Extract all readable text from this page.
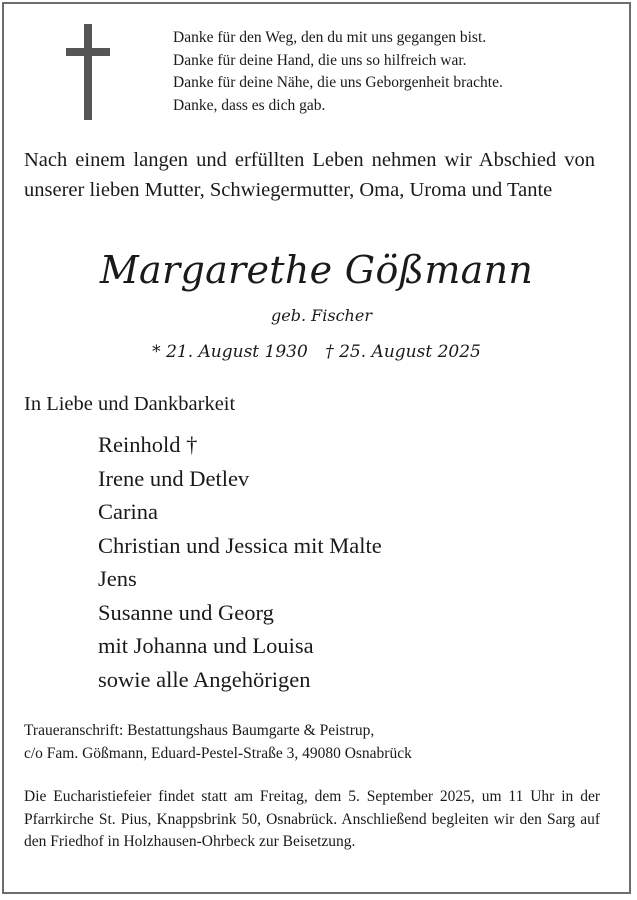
Danke für den Weg, den du mit uns gegangen bist.
Danke für deine Hand, die uns so hilfreich war.
Danke für deine Nähe, die uns Geborgenheit brachte.
Danke, dass es dich gab.
Nach einem langen und erfüllten Leben nehmen wir Abschied von unserer lieben Mutter, Schwiegermutter, Oma, Uroma und Tante
Margarethe Gößmann
geb. Fischer
* 21. August 1930 † 25. August 2025
In Liebe und Dankbarkeit
Reinhold †
Irene und Detlev
Carina
Christian und Jessica mit Malte
Jens
Susanne und Georg
mit Johanna und Louisa
sowie alle Angehörigen
Traueranschrift: Bestattungshaus Baumgarte & Peistrup,
c/o Fam. Gößmann, Eduard-Pestel-Straße 3, 49080 Osnabrück
Die Eucharistiefeier findet statt am Freitag, dem 5. September 2025, um 11 Uhr in der Pfarrkirche St. Pius, Knappsbrink 50, Osnabrück. Anschließend begleiten wir den Sarg auf den Friedhof in Holzhausen-Ohrbeck zur Beisetzung.
